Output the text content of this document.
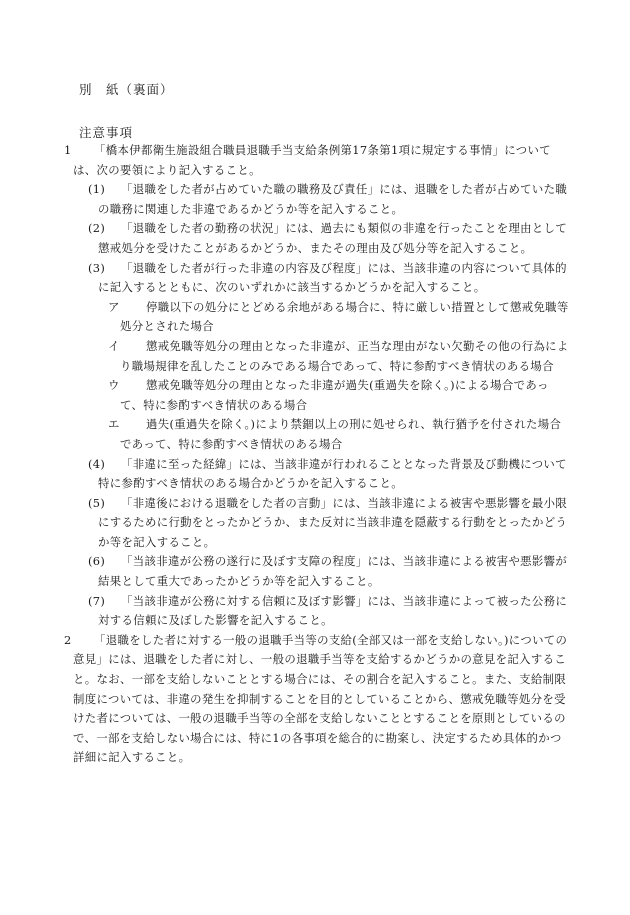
別　紙（裏面）
注意事項
1	「橋本伊都衛生施設組合職員退職手当支給条例第17条第1項に規定する事情」については、次の要領により記入すること。
(1)	「退職をした者が占めていた職の職務及び責任」には、退職をした者が占めていた職の職務に関連した非違であるかどうか等を記入すること。
(2)	「退職をした者の勤務の状況」には、過去にも類似の非違を行ったことを理由として懲戒処分を受けたことがあるかどうか、またその理由及び処分等を記入すること。
(3)	「退職をした者が行った非違の内容及び程度」には、当該非違の内容について具体的に記入するとともに、次のいずれかに該当するかどうかを記入すること。
ア	停職以下の処分にとどめる余地がある場合に、特に厳しい措置として懲戒免職等処分とされた場合
イ	懲戒免職等処分の理由となった非違が、正当な理由がない欠勤その他の行為により職場規律を乱したことのみである場合であって、特に参酌すべき情状のある場合
ウ	懲戒免職等処分の理由となった非違が過失(重過失を除く。)による場合であって、特に参酌すべき情状のある場合
エ	過失(重過失を除く。)により禁錮以上の刑に処せられ、執行猶予を付された場合であって、特に参酌すべき情状のある場合
(4)	「非違に至った経緯」には、当該非違が行われることとなった背景及び動機について特に参酌すべき情状のある場合かどうかを記入すること。
(5)	「非違後における退職をした者の言動」には、当該非違による被害や悪影響を最小限にするために行動をとったかどうか、また反対に当該非違を隠蔽する行動をとったかどうか等を記入すること。
(6)	「当該非違が公務の遂行に及ぼす支障の程度」には、当該非違による被害や悪影響が結果として重大であったかどうか等を記入すること。
(7)	「当該非違が公務に対する信頼に及ぼす影響」には、当該非違によって被った公務に対する信頼に及ぼした影響を記入すること。
2	「退職をした者に対する一般の退職手当等の支給(全部又は一部を支給しない。)についての意見」には、退職をした者に対し、一般の退職手当等を支給するかどうかの意見を記入すること。なお、一部を支給しないこととする場合には、その割合を記入すること。また、支給制限制度については、非違の発生を抑制することを目的としていることから、懲戒免職等処分を受けた者については、一般の退職手当等の全部を支給しないこととすることを原則としているので、一部を支給しない場合には、特に1の各事項を総合的に勘案し、決定するため具体的かつ詳細に記入すること。
